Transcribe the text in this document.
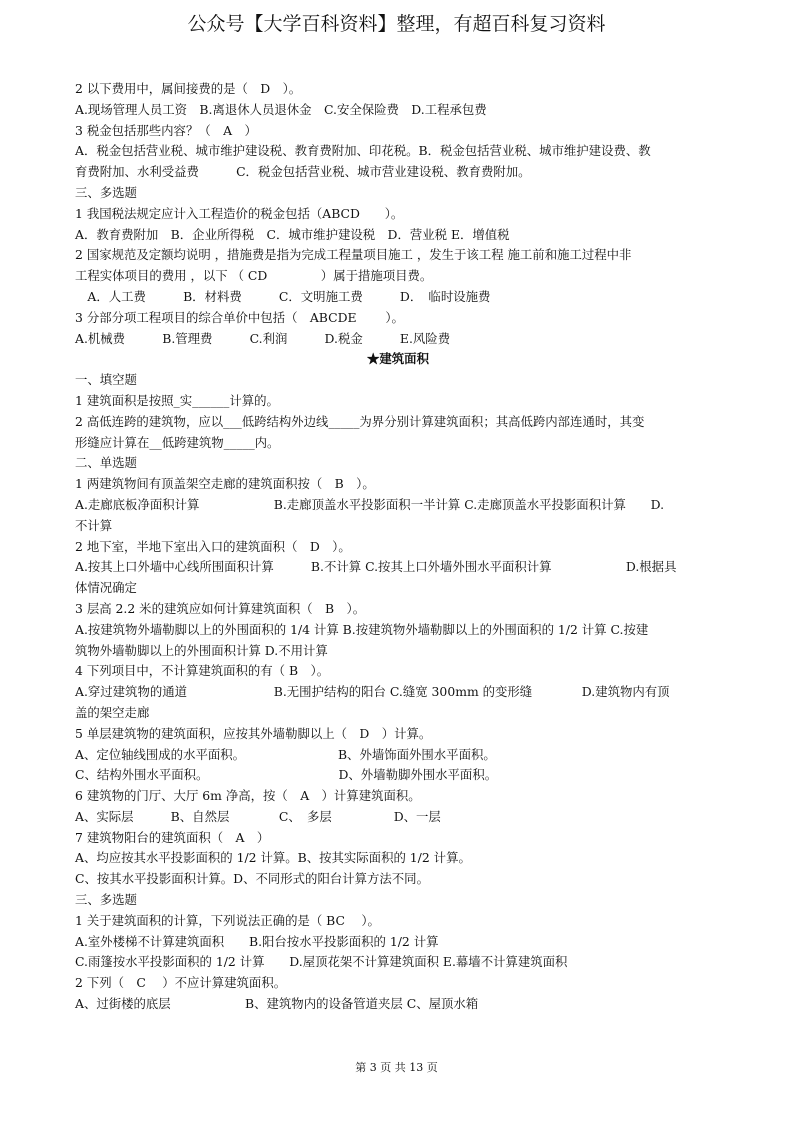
公众号【大学百科资料】整理，有超百科复习资料
2 以下费用中，属间接费的是（　D　）。
A.现场管理人员工资　B.离退休人员退休金　C.安全保险费　D.工程承包费
3 税金包括那些内容？（　A　）
A．税金包括营业税、城市维护建设税、教育费附加、印花税。B．税金包括营业税、城市维护建设费、教
育费附加、水利受益费　　　C．税金包括营业税、城市营业建设税、教育费附加。
三、多选题
1 我国税法规定应计入工程造价的税金包括（ABCD　　）。
A．教育费附加　B．企业所得税　C．城市维护建设税　D．营业税 E．增值税
2 国家规范及定额均说明 ，措施费是指为完成工程量项目施工 ，发生于该工程 施工前和施工过程中非
工程实体项目的费用 ，以下 （ CD　　　　 ）属于措施项目费。
　A．人工费　　　B．材料费　　　C．文明施工费　　　D．　临时设施费
3 分部分项工程项目的综合单价中包括（　ABCDE　　 ）。
A.机械费　　　B.管理费　　　C.利润　　　D.税金　　　E.风险费
★建筑面积
一、填空题
1 建筑面积是按照_实______计算的。
2 高低连跨的建筑物，应以___低跨结构外边线_____为界分别计算建筑面积；其高低跨内部连通时，其变
形缝应计算在__低跨建筑物_____内。
二、单选题
1 两建筑物间有顶盖架空走廊的建筑面积按（　B　）。
A.走廊底板净面积计算　　　　　　B.走廊顶盖水平投影面积一半计算 C.走廊顶盖水平投影面积计算　　D.
不计算
2 地下室，半地下室出入口的建筑面积（　D　）。
A.按其上口外墙中心线所围面积计算　　　B.不计算 C.按其上口外墙外围水平面积计算　　　　　　D.根据具
体情况确定
3 层高 2.2 米的建筑应如何计算建筑面积（　B　）。
A.按建筑物外墙勒脚以上的外围面积的 1/4 计算 B.按建筑物外墙勒脚以上的外围面积的 1/2 计算 C.按建
筑物外墙勒脚以上的外围面积计算 D.不用计算
4 下列项目中，不计算建筑面积的有（ B　）。
A.穿过建筑物的通道　　　　　　　B.无围护结构的阳台 C.缝宽 300mm 的变形缝　　　　D.建筑物内有顶
盖的架空走廊
5 单层建筑物的建筑面积，应按其外墙勒脚以上（　D　）计算。
A、定位轴线围成的水平面积。　　　　　　　　B、外墙饰面外围水平面积。
C、结构外围水平面积。　　　　　　　　　　　D、外墙勒脚外围水平面积。
6 建筑物的门厅、大厅 6m 净高，按（　A　）计算建筑面积。
A、实际层　　　B、自然层　　　　C、　多层　　　　　D、一层
7 建筑物阳台的建筑面积（　A　）
A、均应按其水平投影面积的 1/2 计算。B、按其实际面积的 1/2 计算。
C、按其水平投影面积计算。D、不同形式的阳台计算方法不同。
三、多选题
1 关于建筑面积的计算，下列说法正确的是（ BC　 ）。
A.室外楼梯不计算建筑面积　　B.阳台按水平投影面积的 1/2 计算
C.雨篷按水平投影面积的 1/2 计算　　D.屋顶花架不计算建筑面积 E.幕墙不计算建筑面积
2 下列（　C　 ）不应计算建筑面积。
A、过街楼的底层　　　　　　B、建筑物内的设备管道夹层 C、屋顶水箱
第 3 页 共 13 页
